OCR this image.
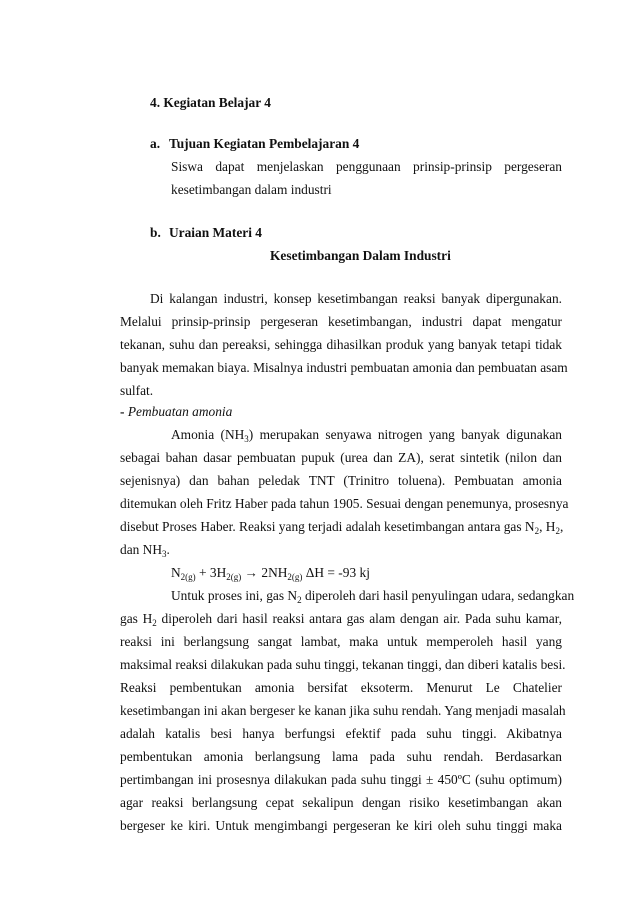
4. Kegiatan Belajar 4
a. Tujuan Kegiatan Pembelajaran 4
Siswa dapat menjelaskan penggunaan prinsip-prinsip pergeseran
kesetimbangan dalam industri
b. Uraian Materi 4
Kesetimbangan Dalam Industri
Di kalangan industri, konsep kesetimbangan reaksi banyak dipergunakan.
Melalui prinsip-prinsip pergeseran kesetimbangan, industri dapat mengatur
tekanan, suhu dan pereaksi, sehingga dihasilkan produk yang banyak tetapi tidak
banyak memakan biaya. Misalnya industri pembuatan amonia dan pembuatan asam
sulfat.
- Pembuatan amonia
Amonia $(NH_3)$ merupakan senyawa nitrogen yang banyak digunakan
sebagai bahan dasar pembuatan pupuk (urea dan ZA), serat sintetik (nilon dan
sejenisnya) dan bahan peledak TNT (Trinitro toluena). Pembuatan amonia
ditemukan oleh Fritz Haber pada tahun 1905. Sesuai dengan penemunya, prosesnya
disebut Proses Haber. Reaksi yang terjadi adalah kesetimbangan antara gas $N_2$, $H_2$,
dan $NH_3$.
$N_{2(g)} + 3H_{2(g)} \to 2NH_{2(g)}$ ΔH = -93 kj
Untuk proses ini, gas $N_2$ diperoleh dari hasil penyulingan udara, sedangkan
gas $H_2$ diperoleh dari hasil reaksi antara gas alam dengan air. Pada suhu kamar,
reaksi ini berlangsung sangat lambat, maka untuk memperoleh hasil yang
maksimal reaksi dilakukan pada suhu tinggi, tekanan tinggi, dan diberi katalis besi.
Reaksi pembentukan amonia bersifat eksoterm. Menurut Le Chatelier
kesetimbangan ini akan bergeser ke kanan jika suhu rendah. Yang menjadi masalah
adalah katalis besi hanya berfungsi efektif pada suhu tinggi. Akibatnya
pembentukan amonia berlangsung lama pada suhu rendah. Berdasarkan
pertimbangan ini prosesnya dilakukan pada suhu tinggi ± 450ºC (suhu optimum)
agar reaksi berlangsung cepat sekalipun dengan risiko kesetimbangan akan
bergeser ke kiri. Untuk mengimbangi pergeseran ke kiri oleh suhu tinggi maka
